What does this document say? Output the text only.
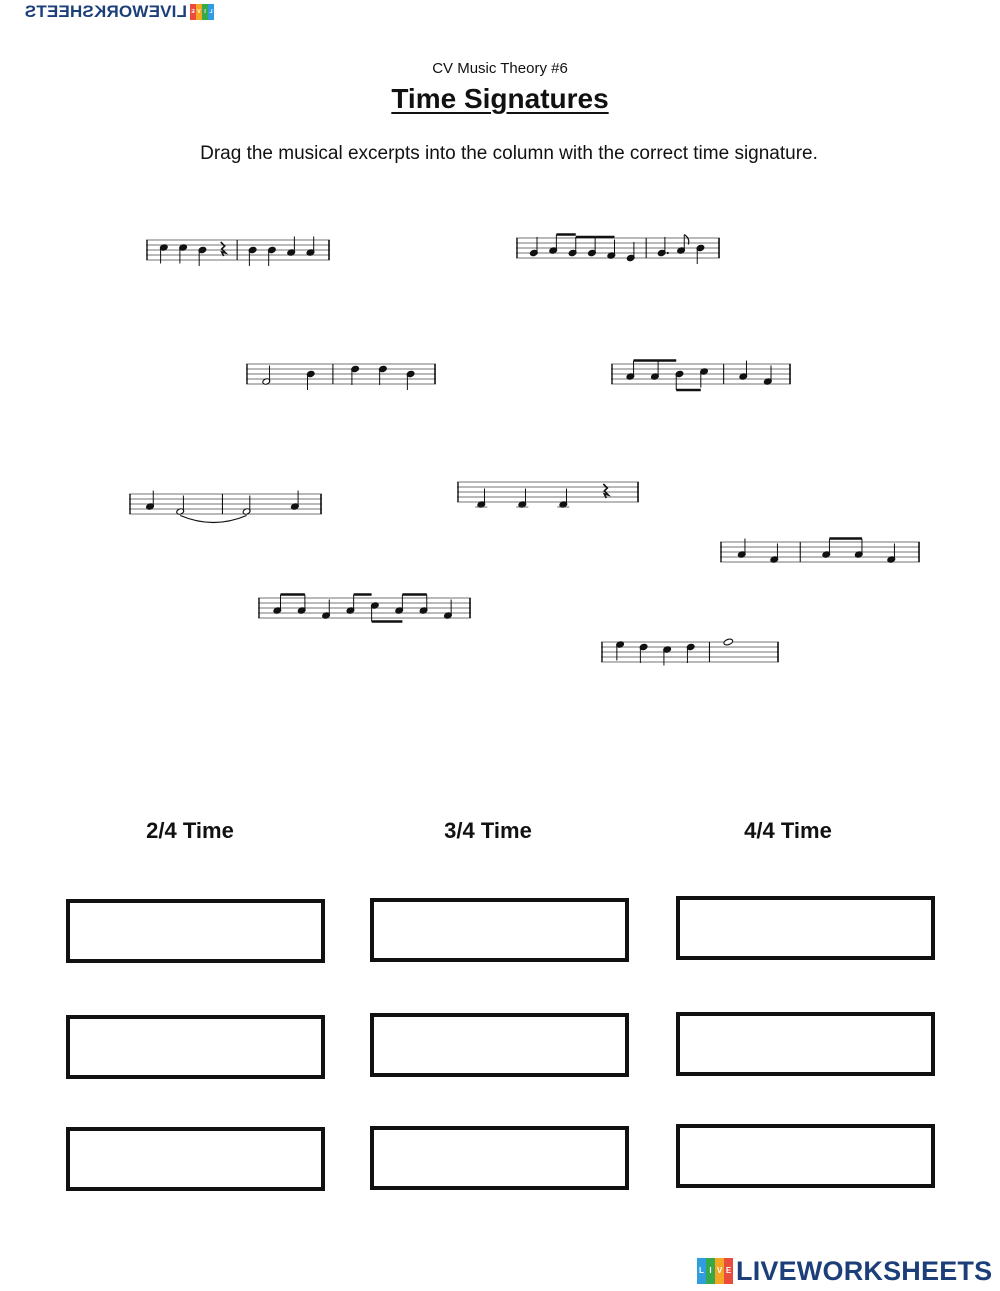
L
I
V
E
LIVEWORKSHEETS
CV Music Theory #6
Time Signatures
Drag the musical excerpts into the column with the correct time signature.
2/4 Time	3/4 Time	4/4 Time
L I V E LIVEWORKSHEETS
